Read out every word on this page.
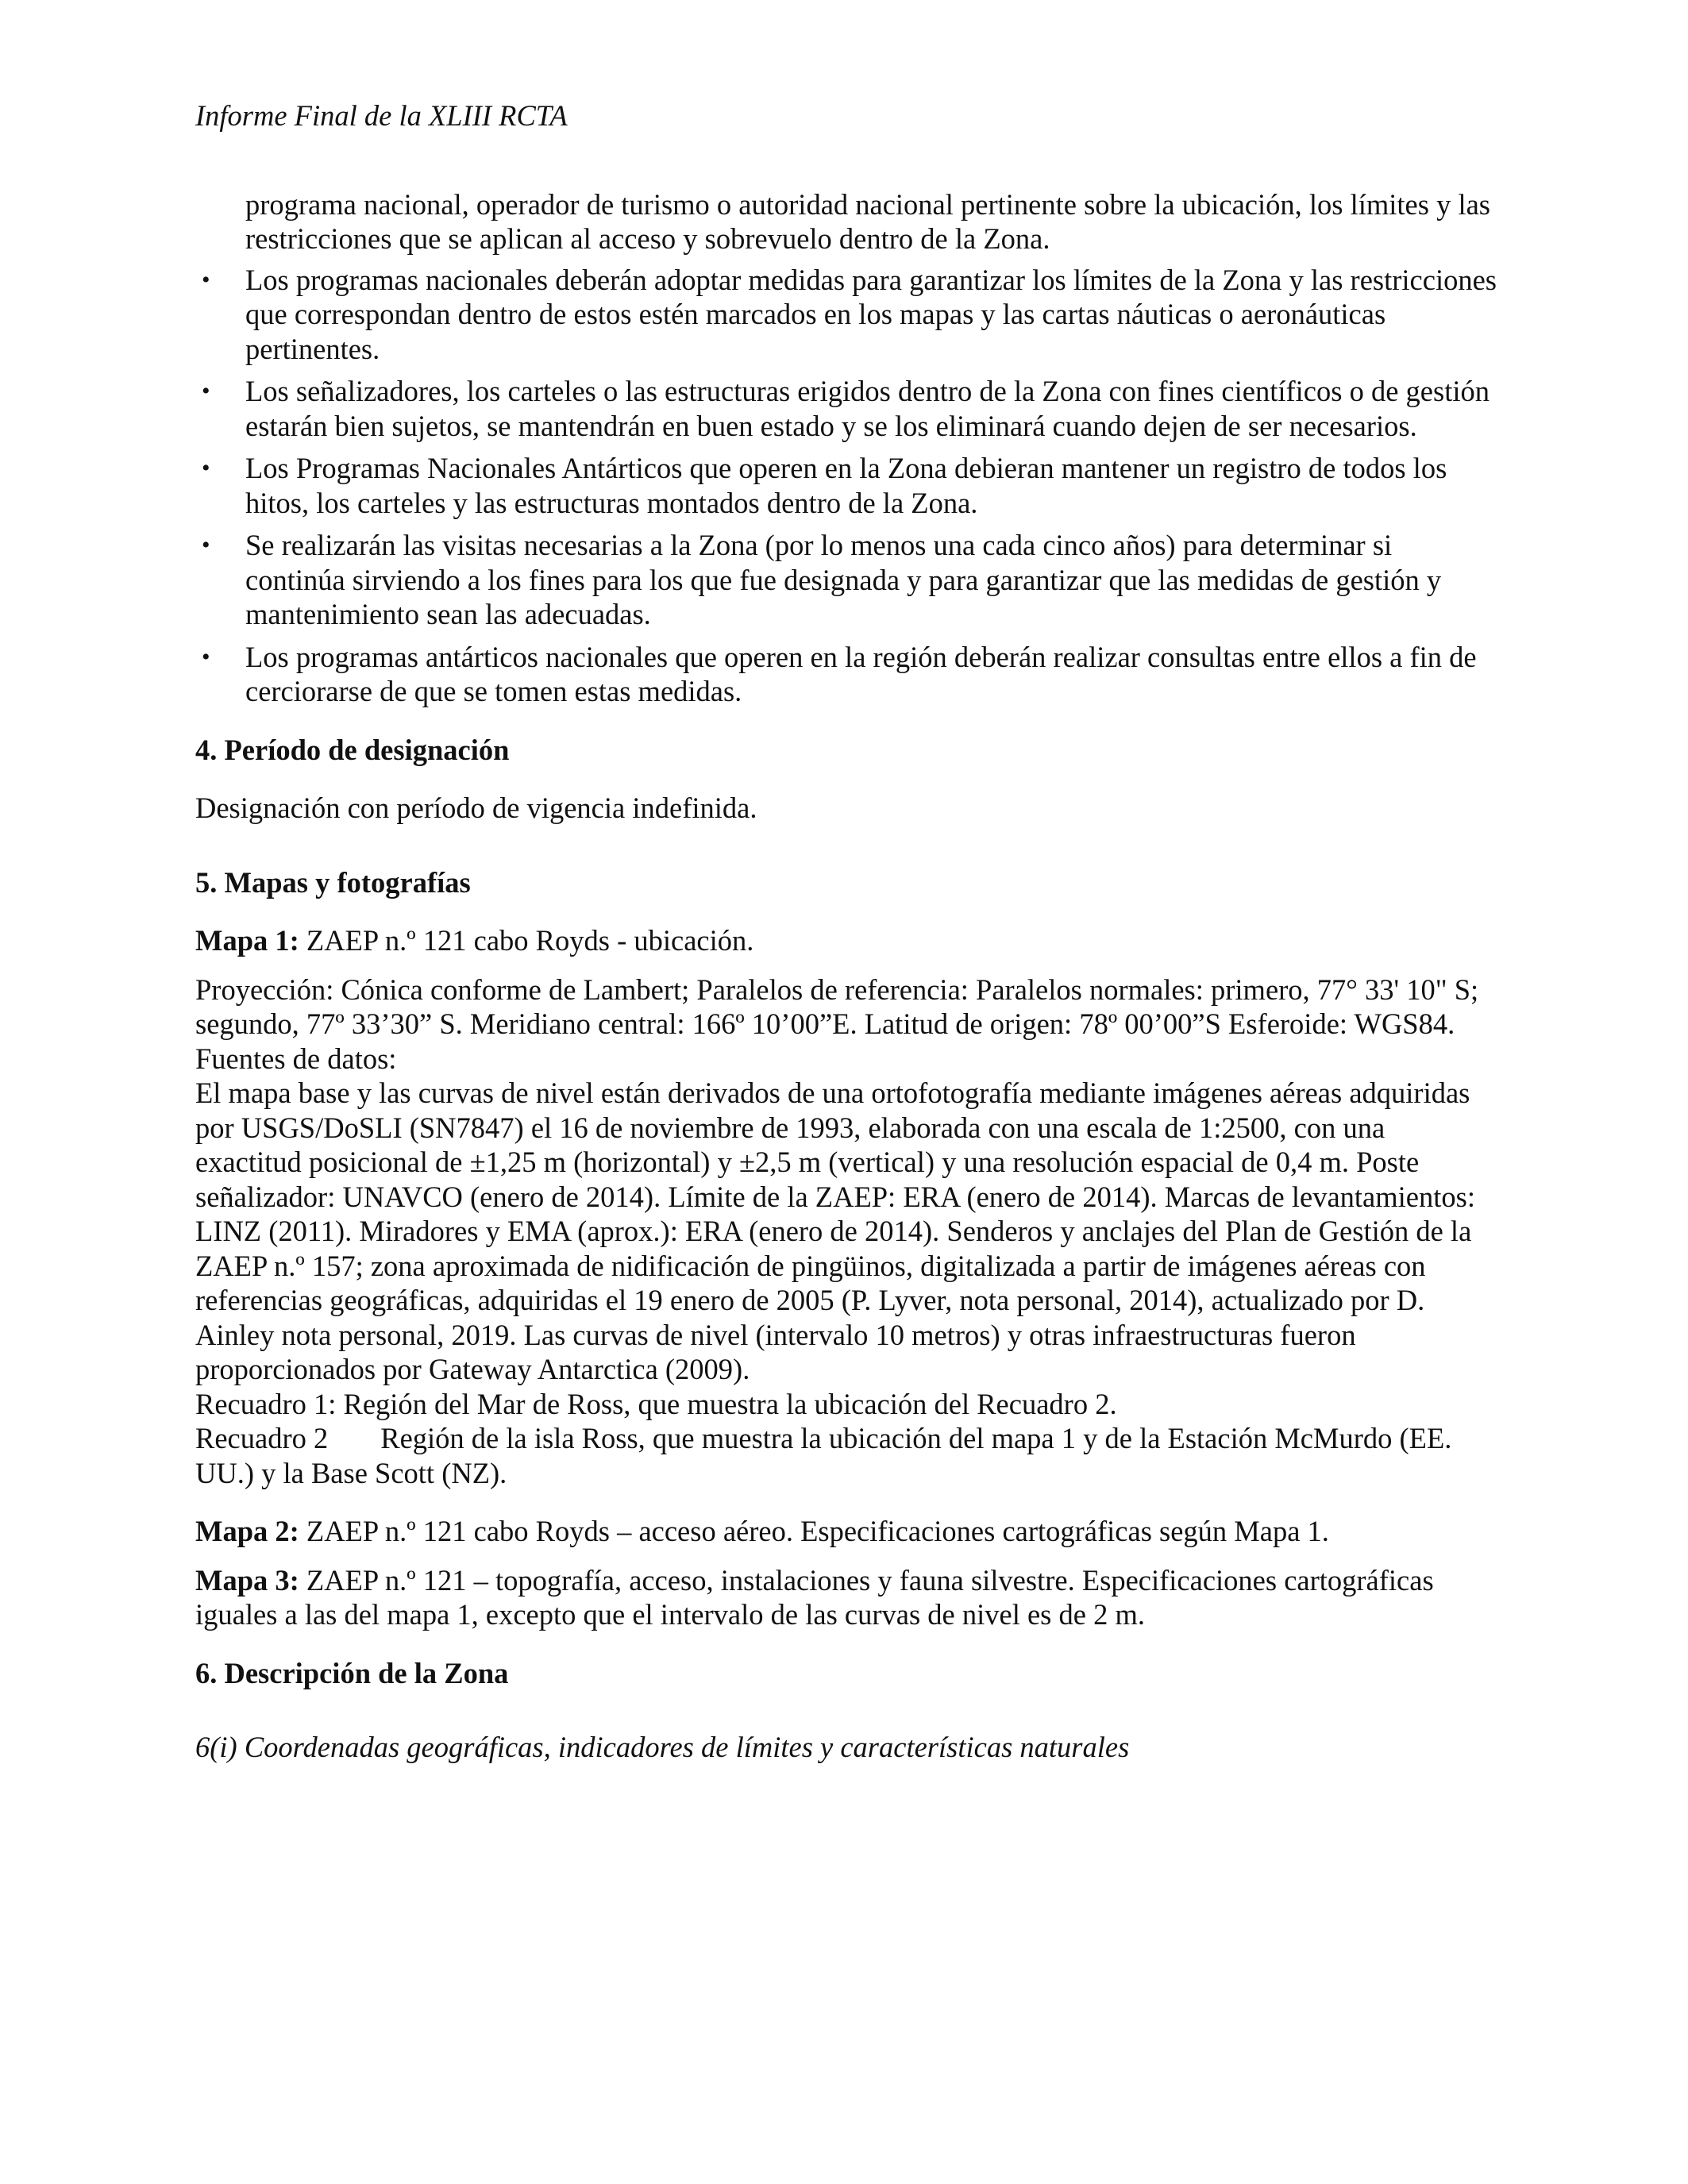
Informe Final de la XLIII RCTA

programa nacional, operador de turismo o autoridad nacional pertinente sobre la ubicación, los límites y las restricciones que se aplican al acceso y sobrevuelo dentro de la Zona.

• Los programas nacionales deberán adoptar medidas para garantizar los límites de la Zona y las restricciones que correspondan dentro de estos estén marcados en los mapas y las cartas náuticas o aeronáuticas pertinentes.
• Los señalizadores, los carteles o las estructuras erigidos dentro de la Zona con fines científicos o de gestión estarán bien sujetos, se mantendrán en buen estado y se los eliminará cuando dejen de ser necesarios.
• Los Programas Nacionales Antárticos que operen en la Zona debieran mantener un registro de todos los hitos, los carteles y las estructuras montados dentro de la Zona.
• Se realizarán las visitas necesarias a la Zona (por lo menos una cada cinco años) para determinar si continúa sirviendo a los fines para los que fue designada y para garantizar que las medidas de gestión y mantenimiento sean las adecuadas.
• Los programas antárticos nacionales que operen en la región deberán realizar consultas entre ellos a fin de cerciorarse de que se tomen estas medidas.
4. Período de designación

Designación con período de vigencia indefinida.

5. Mapas y fotografías

Mapa 1: ZAEP n.º 121 cabo Royds - ubicación.

Proyección: Cónica conforme de Lambert; Paralelos de referencia: Paralelos normales: primero, 77° 33' 10" S; segundo, 77º 33’30” S. Meridiano central: 166º 10’00”E. Latitud de origen: 78º 00’00”S Esferoide: WGS84.

Fuentes de datos:

El mapa base y las curvas de nivel están derivados de una ortofotografía mediante imágenes aéreas adquiridas por USGS/DoSLI (SN7847) el 16 de noviembre de 1993, elaborada con una escala de 1:2500, con una exactitud posicional de ±1,25 m (horizontal) y ±2,5 m (vertical) y una resolución espacial de 0,4 m. Poste señalizador: UNAVCO (enero de 2014). Límite de la ZAEP: ERA (enero de 2014). Marcas de levantamientos: LINZ (2011). Miradores y EMA (aprox.): ERA (enero de 2014). Senderos y anclajes del Plan de Gestión de la ZAEP n.º 157; zona aproximada de nidificación de pingüinos, digitalizada a partir de imágenes aéreas con referencias geográficas, adquiridas el 19 enero de 2005 (P. Lyver, nota personal, 2014), actualizado por D. Ainley nota personal, 2019. Las curvas de nivel (intervalo 10 metros) y otras infraestructuras fueron proporcionados por Gateway Antarctica (2009).

Recuadro 1: Región del Mar de Ross, que muestra la ubicación del Recuadro 2.

Recuadro 2 Región de la isla Ross, que muestra la ubicación del mapa 1 y de la Estación McMurdo (EE. UU.) y la Base Scott (NZ).

Mapa 2: ZAEP n.º 121 cabo Royds – acceso aéreo. Especificaciones cartográficas según Mapa 1.

Mapa 3: ZAEP n.º 121 – topografía, acceso, instalaciones y fauna silvestre. Especificaciones cartográficas iguales a las del mapa 1, excepto que el intervalo de las curvas de nivel es de 2 m.

6. Descripción de la Zona

6(i) Coordenadas geográficas, indicadores de límites y características naturales
